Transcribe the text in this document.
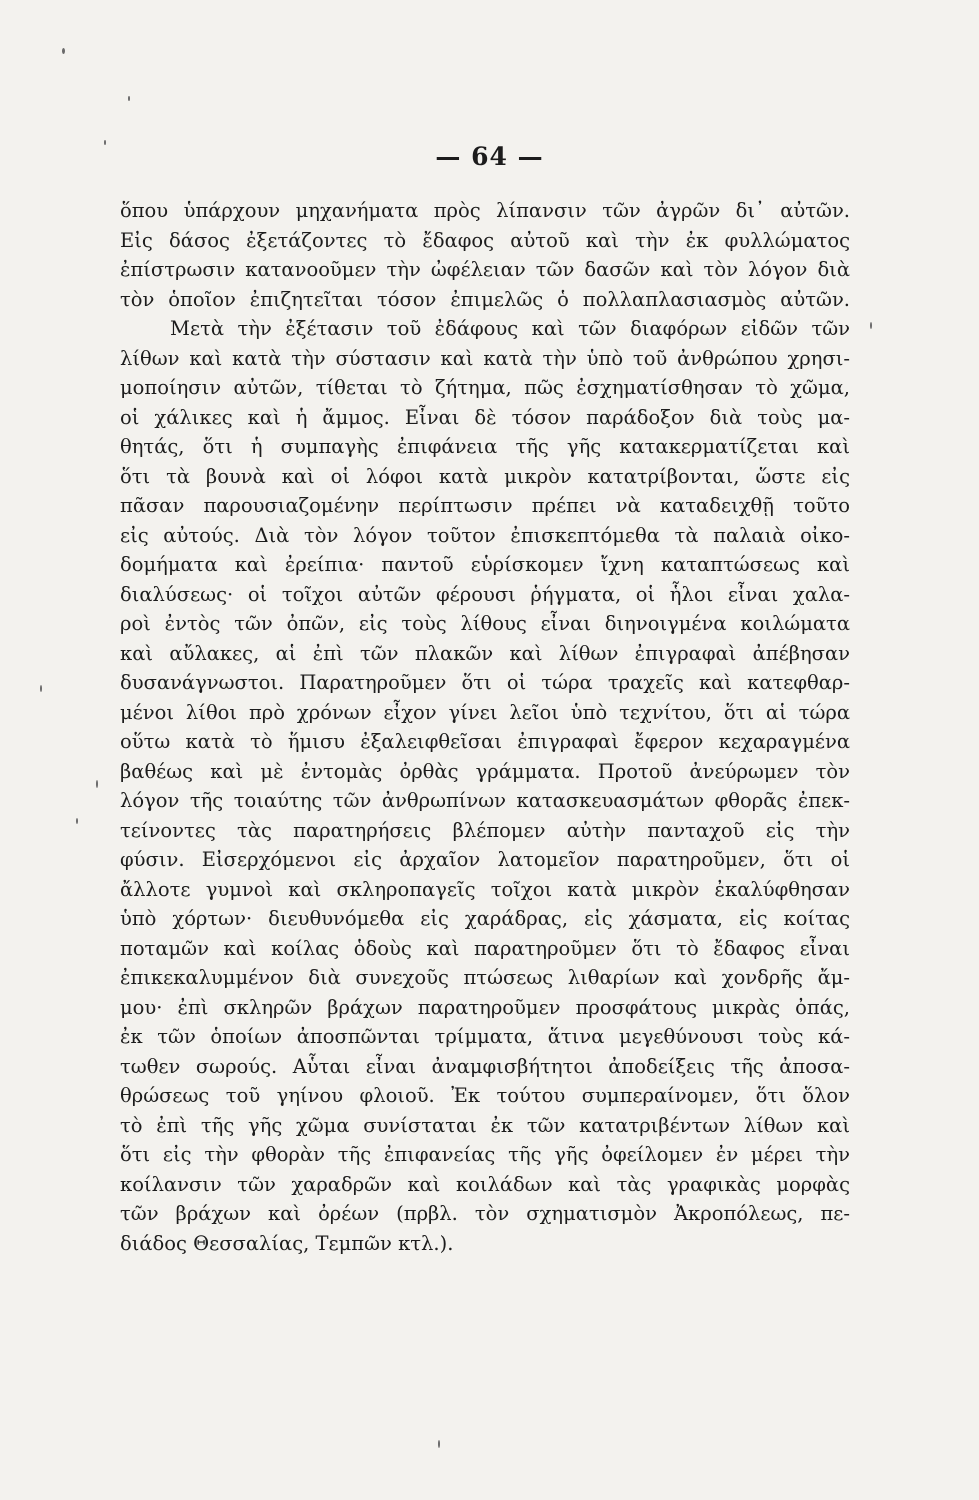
— 64 —
ὅπου ὑπάρχουν μηχανήματα πρὸς λίπανσιν τῶν ἀγρῶν δι᾽ αὐτῶν.
Εἰς δάσος ἐξετάζοντες τὸ ἔδαφος αὐτοῦ καὶ τὴν ἐκ φυλλώματος
ἐπίστρωσιν κατανοοῦμεν τὴν ὠφέλειαν τῶν δασῶν καὶ τὸν λόγον διὰ
τὸν ὁποῖον ἐπιζητεῖται τόσον ἐπιμελῶς ὁ πολλαπλασιασμὸς αὐτῶν.
Μετὰ τὴν ἐξέτασιν τοῦ ἐδάφους καὶ τῶν διαφόρων εἰδῶν τῶν
λίθων καὶ κατὰ τὴν σύστασιν καὶ κατὰ τὴν ὑπὸ τοῦ ἀνθρώπου χρησι-
μοποίησιν αὐτῶν, τίθεται τὸ ζήτημα, πῶς ἐσχηματίσθησαν τὸ χῶμα,
οἱ χάλικες καὶ ἡ ἄμμος. Εἶναι δὲ τόσον παράδοξον διὰ τοὺς μα-
θητάς, ὅτι ἡ συμπαγὴς ἐπιφάνεια τῆς γῆς κατακερματίζεται καὶ
ὅτι τὰ βουνὰ καὶ οἱ λόφοι κατὰ μικρὸν κατατρίβονται, ὥστε εἰς
πᾶσαν παρουσιαζομένην περίπτωσιν πρέπει νὰ καταδειχθῇ τοῦτο
εἰς αὐτούς. Διὰ τὸν λόγον τοῦτον ἐπισκεπτόμεθα τὰ παλαιὰ οἰκο-
δομήματα καὶ ἐρείπια· παντοῦ εὑρίσκομεν ἴχνη καταπτώσεως καὶ
διαλύσεως· οἱ τοῖχοι αὐτῶν φέρουσι ῥήγματα, οἱ ἧλοι εἶναι χαλα-
ροὶ ἐντὸς τῶν ὀπῶν, εἰς τοὺς λίθους εἶναι διηνοιγμένα κοιλώματα
καὶ αὔλακες, αἱ ἐπὶ τῶν πλακῶν καὶ λίθων ἐπιγραφαὶ ἀπέβησαν
δυσανάγνωστοι. Παρατηροῦμεν ὅτι οἱ τώρα τραχεῖς καὶ κατεφθαρ-
μένοι λίθοι πρὸ χρόνων εἶχον γίνει λεῖοι ὑπὸ τεχνίτου, ὅτι αἱ τώρα
οὕτω κατὰ τὸ ἥμισυ ἐξαλειφθεῖσαι ἐπιγραφαὶ ἔφερον κεχαραγμένα
βαθέως καὶ μὲ ἐντομὰς ὀρθὰς γράμματα. Προτοῦ ἀνεύρωμεν τὸν
λόγον τῆς τοιαύτης τῶν ἀνθρωπίνων κατασκευασμάτων φθορᾶς ἐπεκ-
τείνοντες τὰς παρατηρήσεις βλέπομεν αὐτὴν πανταχοῦ εἰς τὴν
φύσιν. Εἰσερχόμενοι εἰς ἀρχαῖον λατομεῖον παρατηροῦμεν, ὅτι οἱ
ἄλλοτε γυμνοὶ καὶ σκληροπαγεῖς τοῖχοι κατὰ μικρὸν ἐκαλύφθησαν
ὑπὸ χόρτων· διευθυνόμεθα εἰς χαράδρας, εἰς χάσματα, εἰς κοίτας
ποταμῶν καὶ κοίλας ὁδοὺς καὶ παρατηροῦμεν ὅτι τὸ ἔδαφος εἶναι
ἐπικεκαλυμμένον διὰ συνεχοῦς πτώσεως λιθαρίων καὶ χονδρῆς ἄμ-
μου· ἐπὶ σκληρῶν βράχων παρατηροῦμεν προσφάτους μικρὰς ὀπάς,
ἐκ τῶν ὁποίων ἀποσπῶνται τρίμματα, ἅτινα μεγεθύνουσι τοὺς κά-
τωθεν σωρούς. Αὗται εἶναι ἀναμφισβήτητοι ἀποδείξεις τῆς ἀποσα-
θρώσεως τοῦ γηίνου φλοιοῦ. Ἐκ τούτου συμπεραίνομεν, ὅτι ὅλον
τὸ ἐπὶ τῆς γῆς χῶμα συνίσταται ἐκ τῶν κατατριβέντων λίθων καὶ
ὅτι εἰς τὴν φθορὰν τῆς ἐπιφανείας τῆς γῆς ὀφείλομεν ἐν μέρει τὴν
κοίλανσιν τῶν χαραδρῶν καὶ κοιλάδων καὶ τὰς γραφικὰς μορφὰς
τῶν βράχων καὶ ὀρέων (πρβλ. τὸν σχηματισμὸν Ἀκροπόλεως, πε-
διάδος Θεσσαλίας, Τεμπῶν κτλ.).
